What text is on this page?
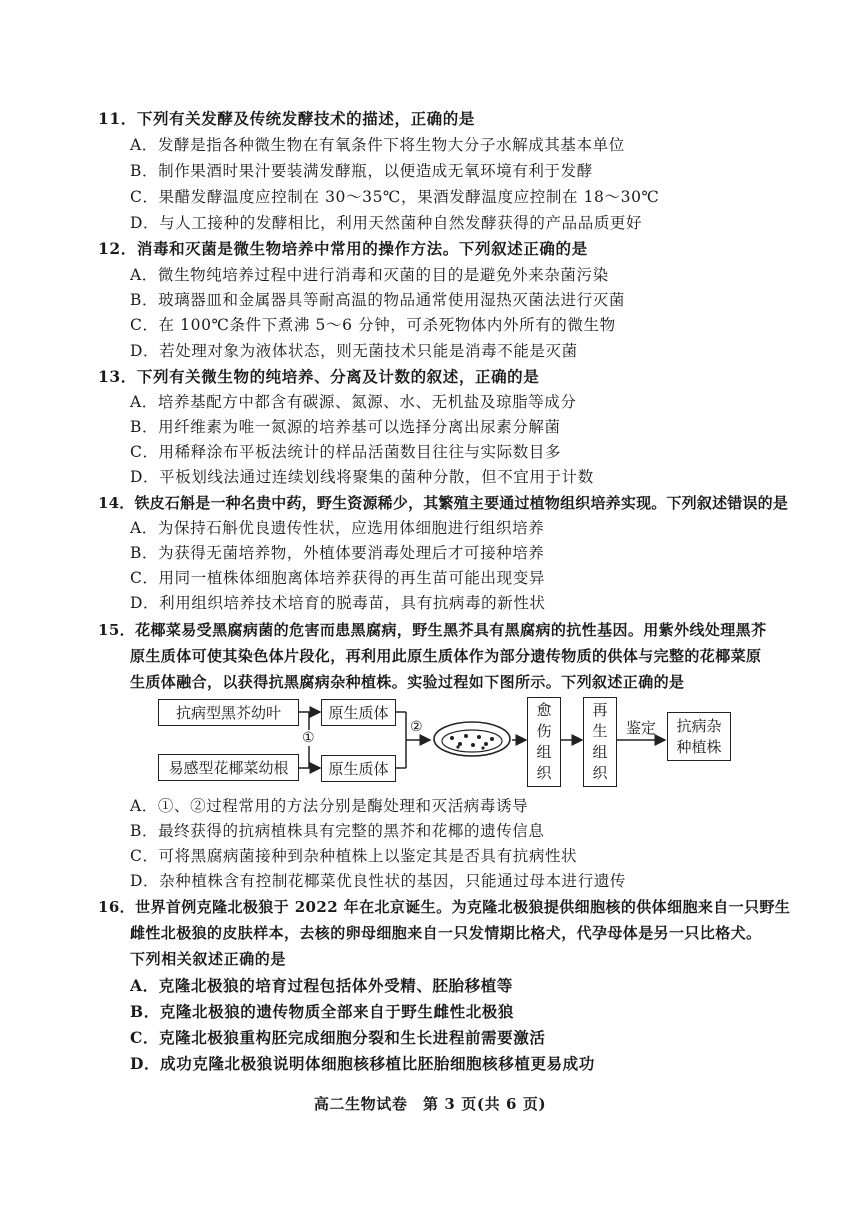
11．下列有关发酵及传统发酵技术的描述，正确的是
A．发酵是指各种微生物在有氧条件下将生物大分子水解成其基本单位
B．制作果酒时果汁要装满发酵瓶，以便造成无氧环境有利于发酵
C．果醋发酵温度应控制在 30～35℃，果酒发酵温度应控制在 18～30℃
D．与人工接种的发酵相比，利用天然菌种自然发酵获得的产品品质更好
12．消毒和灭菌是微生物培养中常用的操作方法。下列叙述正确的是
A．微生物纯培养过程中进行消毒和灭菌的目的是避免外来杂菌污染
B．玻璃器皿和金属器具等耐高温的物品通常使用湿热灭菌法进行灭菌
C．在 100℃条件下煮沸 5～6 分钟，可杀死物体内外所有的微生物
D．若处理对象为液体状态，则无菌技术只能是消毒不能是灭菌
13．下列有关微生物的纯培养、分离及计数的叙述，正确的是
A．培养基配方中都含有碳源、氮源、水、无机盐及琼脂等成分
B．用纤维素为唯一氮源的培养基可以选择分离出尿素分解菌
C．用稀释涂布平板法统计的样品活菌数目往往与实际数目多
D．平板划线法通过连续划线将聚集的菌种分散，但不宜用于计数
14．铁皮石斛是一种名贵中药，野生资源稀少，其繁殖主要通过植物组织培养实现。下列叙述错误的是
A．为保持石斛优良遗传性状，应选用体细胞进行组织培养
B．为获得无菌培养物，外植体要消毒处理后才可接种培养
C．用同一植株体细胞离体培养获得的再生苗可能出现变异
D．利用组织培养技术培育的脱毒苗，具有抗病毒的新性状
15．花椰菜易受黑腐病菌的危害而患黑腐病，野生黑芥具有黑腐病的抗性基因。用紫外线处理黑芥
原生质体可使其染色体片段化，再利用此原生质体作为部分遗传物质的供体与完整的花椰菜原
生质体融合，以获得抗黑腐病杂种植株。实验过程如下图所示。下列叙述正确的是
抗病型黑芥幼叶
易感型花椰菜幼根
原生质体
原生质体
①
②
愈
伤
组
织
再
生
组
织
鉴定 抗病杂
种植株
A．①、②过程常用的方法分别是酶处理和灭活病毒诱导
B．最终获得的抗病植株具有完整的黑芥和花椰的遗传信息
C．可将黑腐病菌接种到杂种植株上以鉴定其是否具有抗病性状
D．杂种植株含有控制花椰菜优良性状的基因，只能通过母本进行遗传
16．世界首例克隆北极狼于 2022 年在北京诞生。为克隆北极狼提供细胞核的供体细胞来自一只野生
雌性北极狼的皮肤样本，去核的卵母细胞来自一只发情期比格犬，代孕母体是另一只比格犬。
下列相关叙述正确的是
A．克隆北极狼的培育过程包括体外受精、胚胎移植等
B．克隆北极狼的遗传物质全部来自于野生雌性北极狼
C．克隆北极狼重构胚完成细胞分裂和生长进程前需要激活
D．成功克隆北极狼说明体细胞核移植比胚胎细胞核移植更易成功
高二生物试卷　第 3 页(共 6 页)
